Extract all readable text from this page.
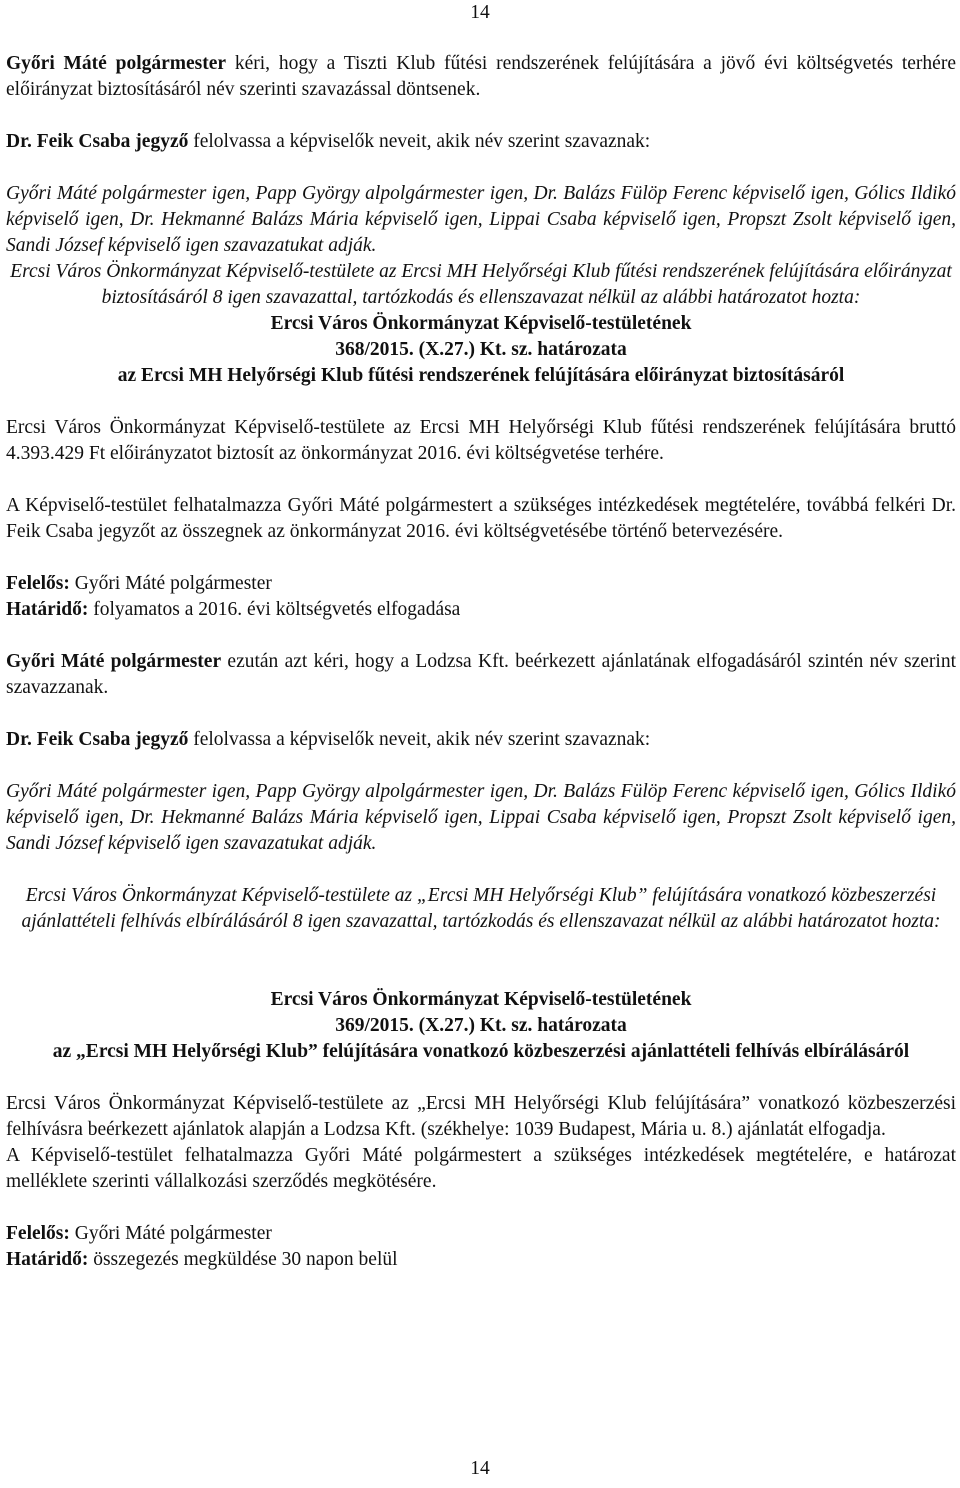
14

Győri Máté polgármester kéri, hogy a Tiszti Klub fűtési rendszerének felújítására a jövő évi költségvetés terhére előirányzat biztosításáról név szerinti szavazással döntsenek.

Dr. Feik Csaba jegyző felolvassa a képviselők neveit, akik név szerint szavaznak:

Győri Máté polgármester igen, Papp György alpolgármester igen, Dr. Balázs Fülöp Ferenc képviselő igen, Gólics Ildikó képviselő igen, Dr. Hekmanné Balázs Mária képviselő igen, Lippai Csaba képviselő igen, Propszt Zsolt képviselő igen, Sandi József képviselő igen szavazatukat adják.

Ercsi Város Önkormányzat Képviselő-testülete az Ercsi MH Helyőrségi Klub fűtési rendszerének felújítására előirányzat biztosításáról 8 igen szavazattal, tartózkodás és ellenszavazat nélkül az alábbi határozatot hozta:

Ercsi Város Önkormányzat Képviselő-testületének
368/2015. (X.27.) Kt. sz. határozata
az Ercsi MH Helyőrségi Klub fűtési rendszerének felújítására előirányzat biztosításáról

Ercsi Város Önkormányzat Képviselő-testülete az Ercsi MH Helyőrségi Klub fűtési rendszerének felújítására bruttó 4.393.429 Ft előirányzatot biztosít az önkormányzat 2016. évi költségvetése terhére.

A Képviselő-testület felhatalmazza Győri Máté polgármestert a szükséges intézkedések megtételére, továbbá felkéri Dr. Feik Csaba jegyzőt az összegnek az önkormányzat 2016. évi költségvetésébe történő betervezésére.

Felelős: Győri Máté polgármester

Határidő: folyamatos a 2016. évi költségvetés elfogadása

Győri Máté polgármester ezután azt kéri, hogy a Lodzsa Kft. beérkezett ajánlatának elfogadásáról szintén név szerint szavazzanak.

Dr. Feik Csaba jegyző felolvassa a képviselők neveit, akik név szerint szavaznak:

Győri Máté polgármester igen, Papp György alpolgármester igen, Dr. Balázs Fülöp Ferenc képviselő igen, Gólics Ildikó képviselő igen, Dr. Hekmanné Balázs Mária képviselő igen, Lippai Csaba képviselő igen, Propszt Zsolt képviselő igen, Sandi József képviselő igen szavazatukat adják.

Ercsi Város Önkormányzat Képviselő-testülete az „Ercsi MH Helyőrségi Klub” felújítására vonatkozó közbeszerzési ajánlattételi felhívás elbírálásáról 8 igen szavazattal, tartózkodás és ellenszavazat nélkül az alábbi határozatot hozta:

Ercsi Város Önkormányzat Képviselő-testületének
369/2015. (X.27.) Kt. sz. határozata
az „Ercsi MH Helyőrségi Klub” felújítására vonatkozó közbeszerzési ajánlattételi felhívás elbírálásáról

Ercsi Város Önkormányzat Képviselő-testülete az „Ercsi MH Helyőrségi Klub felújítására” vonatkozó közbeszerzési felhívásra beérkezett ajánlatok alapján a Lodzsa Kft. (székhelye: 1039 Budapest, Mária u. 8.) ajánlatát elfogadja.

A Képviselő-testület felhatalmazza Győri Máté polgármestert a szükséges intézkedések megtételére, e határozat melléklete szerinti vállalkozási szerződés megkötésére.

Felelős: Győri Máté polgármester

Határidő: összegezés megküldése 30 napon belül

14
